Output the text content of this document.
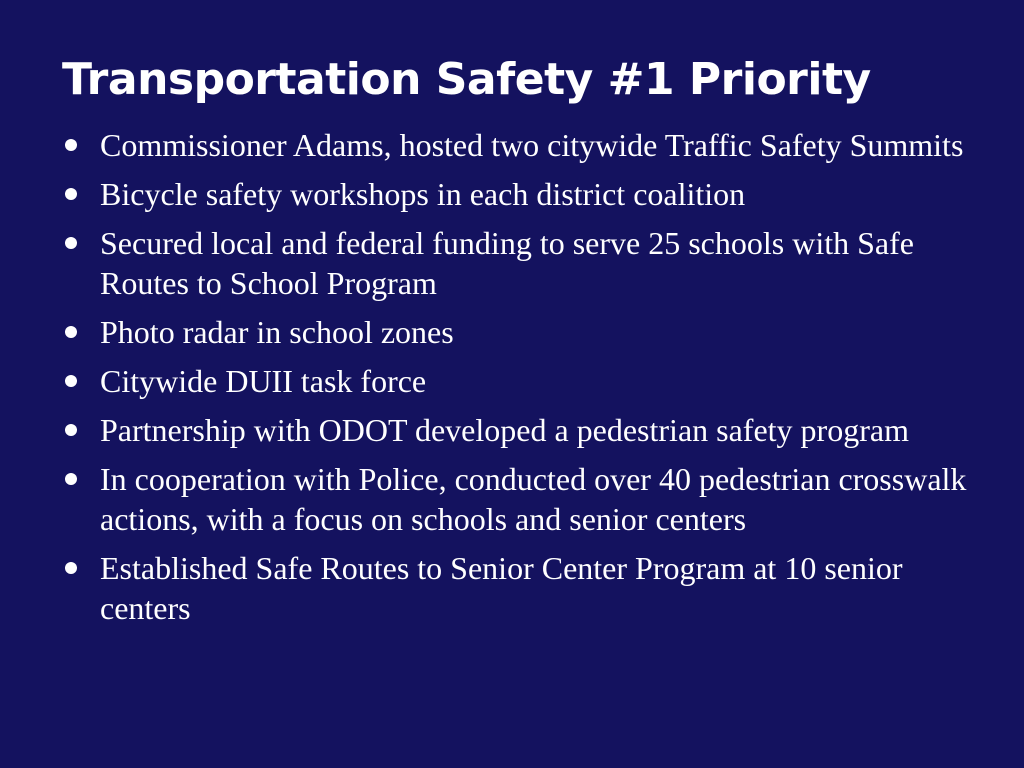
Transportation Safety #1 Priority
Commissioner Adams, hosted two citywide Traffic Safety Summits
Bicycle safety workshops in each district coalition
Secured local and federal funding to serve 25 schools with Safe Routes to School Program
Photo radar in school zones
Citywide DUII task force
Partnership with ODOT developed a pedestrian safety program
In cooperation with Police, conducted over 40 pedestrian crosswalk actions, with a focus on schools and senior centers
Established Safe Routes to Senior Center Program at 10 senior centers
